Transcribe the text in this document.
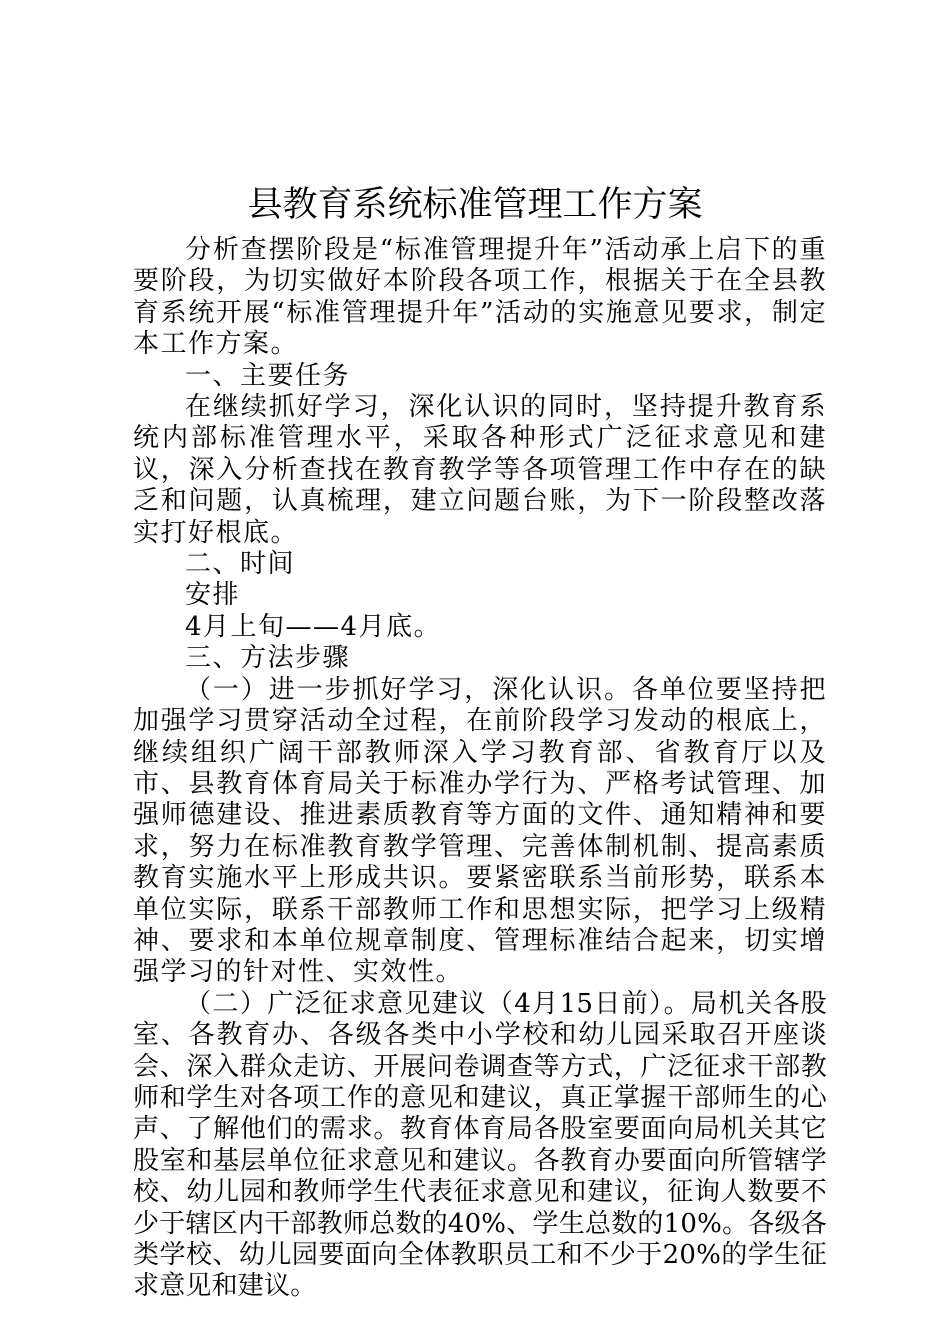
县教育系统标准管理工作方案

分析查摆阶段是“标准管理提升年”活动承上启下的重要阶段，为切实做好本阶段各项工作，根据关于在全县教育系统开展“标准管理提升年”活动的实施意见要求，制定本工作方案。

一、主要任务

在继续抓好学习，深化认识的同时，坚持提升教育系统内部标准管理水平，采取各种形式广泛征求意见和建议，深入分析查找在教育教学等各项管理工作中存在的缺乏和问题，认真梳理，建立问题台账，为下一阶段整改落实打好根底。

二、时间

安排

4月上旬——4月底。

三、方法步骤

（一）进一步抓好学习，深化认识。各单位要坚持把加强学习贯穿活动全过程，在前阶段学习发动的根底上，继续组织广阔干部教师深入学习教育部、省教育厅以及市、县教育体育局关于标准办学行为、严格考试管理、加强师德建设、推进素质教育等方面的文件、通知精神和要求，努力在标准教育教学管理、完善体制机制、提高素质教育实施水平上形成共识。要紧密联系当前形势，联系本单位实际，联系干部教师工作和思想实际，把学习上级精神、要求和本单位规章制度、管理标准结合起来，切实增强学习的针对性、实效性。

（二）广泛征求意见建议（4月15日前）。局机关各股室、各教育办、各级各类中小学校和幼儿园采取召开座谈会、深入群众走访、开展问卷调查等方式，广泛征求干部教师和学生对各项工作的意见和建议，真正掌握干部师生的心声、了解他们的需求。教育体育局各股室要面向局机关其它股室和基层单位征求意见和建议。各教育办要面向所管辖学校、幼儿园和教师学生代表征求意见和建议，征询人数要不少于辖区内干部教师总数的40%、学生总数的10%。各级各类学校、幼儿园要面向全体教职员工和不少于20%的学生征求意见和建议。
